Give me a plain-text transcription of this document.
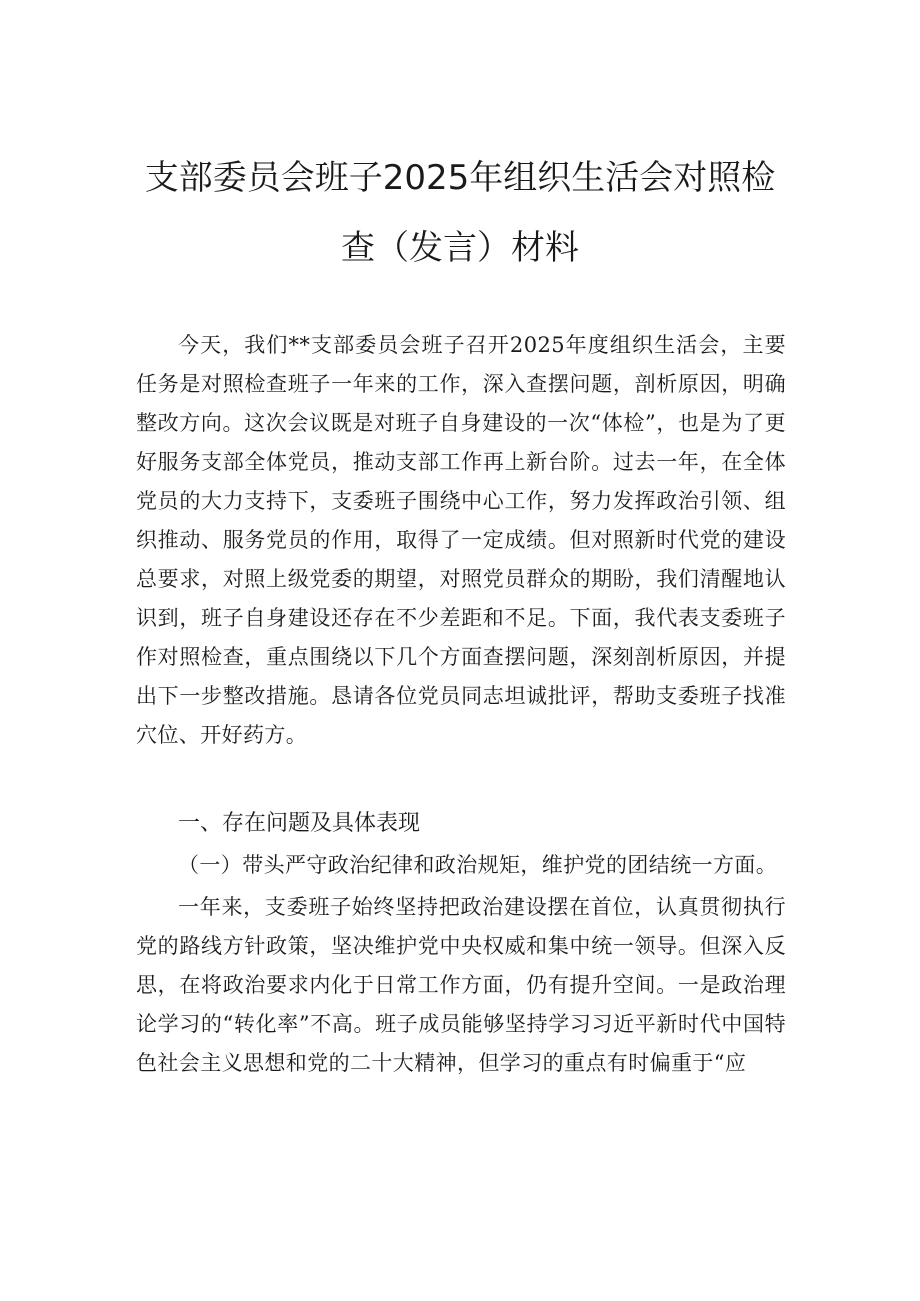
支部委员会班子2025年组织生活会对照检
查（发言）材料
今天，我们**支部委员会班子召开2025年度组织生活会，主要任务是对照检查班子一年来的工作，深入查摆问题，剖析原因，明确整改方向。这次会议既是对班子自身建设的一次“体检”，也是为了更好服务支部全体党员，推动支部工作再上新台阶。过去一年，在全体党员的大力支持下，支委班子围绕中心工作，努力发挥政治引领、组织推动、服务党员的作用，取得了一定成绩。但对照新时代党的建设总要求，对照上级党委的期望，对照党员群众的期盼，我们清醒地认识到，班子自身建设还存在不少差距和不足。下面，我代表支委班子作对照检查，重点围绕以下几个方面查摆问题，深刻剖析原因，并提出下一步整改措施。恳请各位党员同志坦诚批评，帮助支委班子找准穴位、开好药方。
一、存在问题及具体表现
（一）带头严守政治纪律和政治规矩，维护党的团结统一方面。
一年来，支委班子始终坚持把政治建设摆在首位，认真贯彻执行党的路线方针政策，坚决维护党中央权威和集中统一领导。但深入反思，在将政治要求内化于日常工作方面，仍有提升空间。一是政治理论学习的“转化率”不高。班子成员能够坚持学习习近平新时代中国特色社会主义思想和党的二十大精神，但学习的重点有时偏重于“应
